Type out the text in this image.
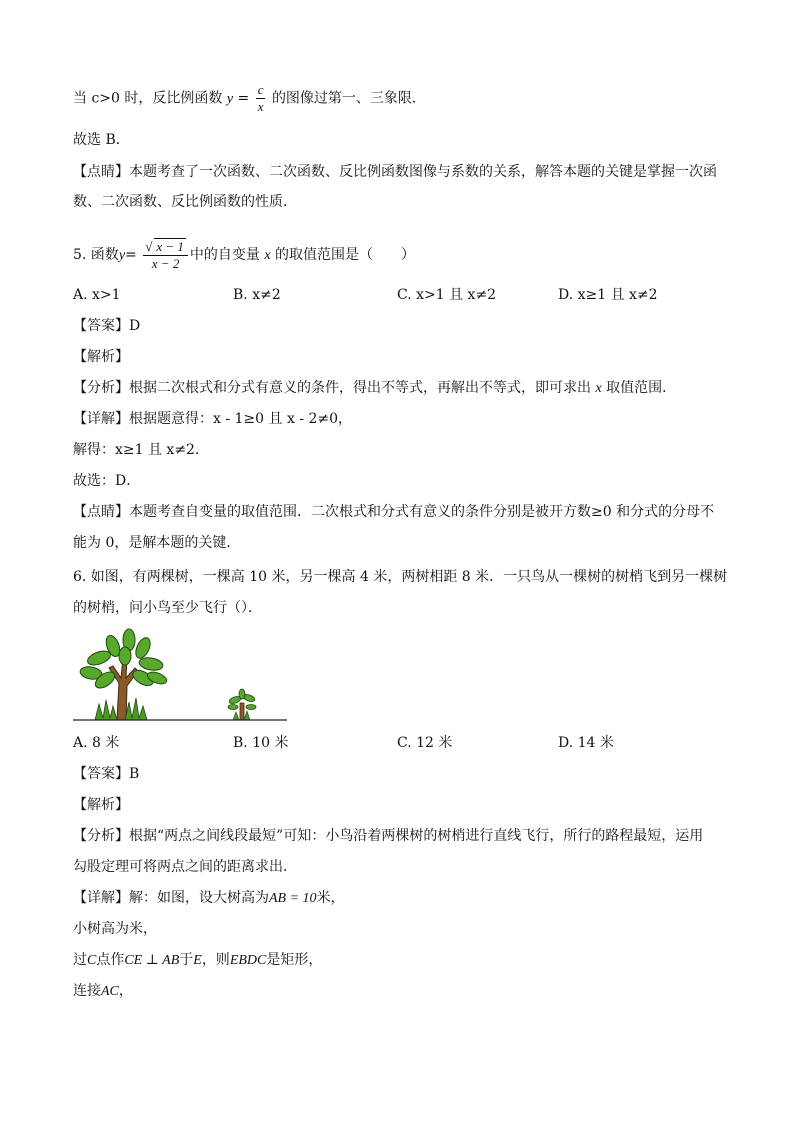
当 c>0 时，反比例函数 $y = \frac{c}{x}$ 的图像过第一、三象限．
故选 B．
【点睛】本题考查了一次函数、二次函数、反比例函数图像与系数的关系，解答本题的关键是掌握一次函
数、二次函数、反比例函数的性质．
5. 函数$y= \frac{√ x - 1}{x - 2}$ 中的自变量 x 的取值范围是（　　）
A. x>1	B. x≠2	C. x>1 且 x≠2	D. x≥1 且 x≠2
【答案】D
【解析】
【分析】根据二次根式和分式有意义的条件，得出不等式，再解出不等式，即可求出 x 取值范围．
【详解】根据题意得：x - 1≥0 且 x - 2≠0，
解得：x≥1 且 x≠2．
故选：D．
【点睛】本题考查自变量的取值范围．二次根式和分式有意义的条件分别是被开方数≥0 和分式的分母不
能为 0，是解本题的关键．
6. 如图，有两棵树，一棵高 10 米，另一棵高 4 米，两树相距 8 米．一只鸟从一棵树的树梢飞到另一棵树
的树梢，问小鸟至少飞行（）．
A. 8 米	B. 10 米	C. 12 米	D. 14 米
【答案】B
【解析】
【分析】根据“两点之间线段最短”可知：小鸟沿着两棵树的树梢进行直线飞行，所行的路程最短，运用
勾股定理可将两点之间的距离求出．
【详解】解：如图，设大树高为AB = 10米，
小树高为米，
过C点作CE ⊥ AB于E，则EBDC是矩形，
连接AC，
